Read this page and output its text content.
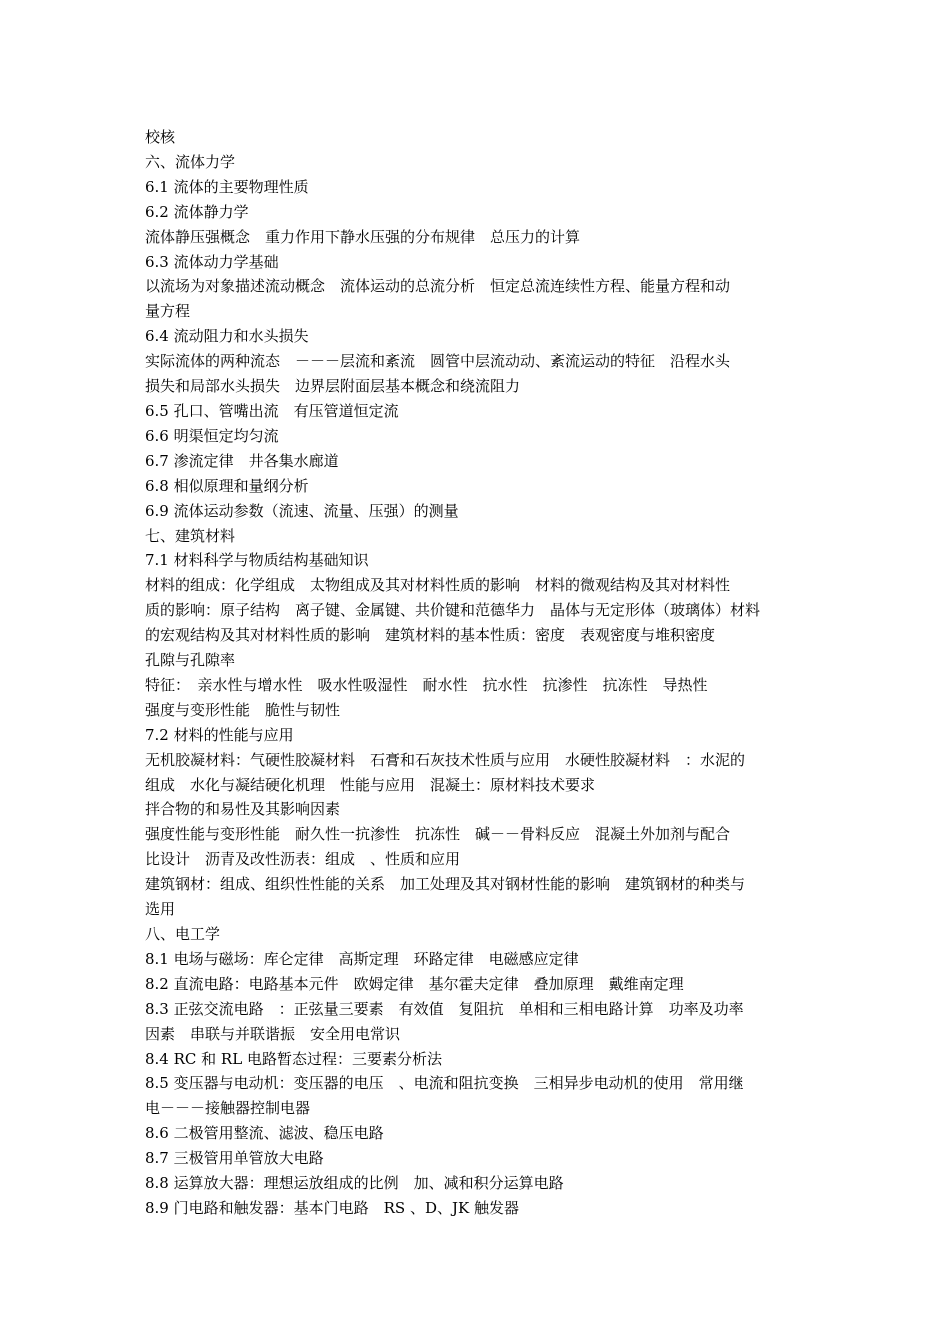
校核
六、流体力学
6.1 流体的主要物理性质
6.2 流体静力学
流体静压强概念　重力作用下静水压强的分布规律　总压力的计算
6.3 流体动力学基础
以流场为对象描述流动概念　流体运动的总流分析　恒定总流连续性方程、能量方程和动
量方程
6.4 流动阻力和水头损失
实际流体的两种流态　－－－层流和紊流　圆管中层流动动、紊流运动的特征　沿程水头
损失和局部水头损失　边界层附面层基本概念和绕流阻力
6.5 孔口、管嘴出流　有压管道恒定流
6.6 明渠恒定均匀流
6.7 渗流定律　井各集水廊道
6.8 相似原理和量纲分析
6.9 流体运动参数（流速、流量、压强）的测量
七、建筑材料
7.1 材料科学与物质结构基础知识
材料的组成：化学组成　太物组成及其对材料性质的影响　材料的微观结构及其对材料性
质的影响：原子结构　离子键、金属键、共价键和范德华力　晶体与无定形体（玻璃体）材料
的宏观结构及其对材料性质的影响　建筑材料的基本性质：密度　表观密度与堆积密度
孔隙与孔隙率
特征：　亲水性与增水性　吸水性吸湿性　耐水性　抗水性　抗渗性　抗冻性　导热性
强度与变形性能　脆性与韧性
7.2 材料的性能与应用
无机胶凝材料：气硬性胶凝材料　石膏和石灰技术性质与应用　水硬性胶凝材料　：水泥的
组成　水化与凝结硬化机理　性能与应用　混凝土：原材料技术要求
拌合物的和易性及其影响因素
强度性能与变形性能　耐久性一抗渗性　抗冻性　碱－－骨料反应　混凝土外加剂与配合
比设计　沥青及改性沥表：组成　、性质和应用
建筑钢材：组成、组织性性能的关系　加工处理及其对钢材性能的影响　建筑钢材的种类与
选用
八、电工学
8.1 电场与磁场：库仑定律　高斯定理　环路定律　电磁感应定律
8.2 直流电路：电路基本元件　欧姆定律　基尔霍夫定律　叠加原理　戴维南定理
8.3 正弦交流电路　：正弦量三要素　有效值　复阻抗　单相和三相电路计算　功率及功率
因素　串联与并联谐振　安全用电常识
8.4 RC 和 RL 电路暂态过程：三要素分析法
8.5 变压器与电动机：变压器的电压　、电流和阻抗变换　三相异步电动机的使用　常用继
电－－－接触器控制电器
8.6 二极管用整流、滤波、稳压电路
8.7 三极管用单管放大电路
8.8 运算放大器：理想运放组成的比例　加、减和积分运算电路
8.9 门电路和触发器：基本门电路　RS 、D、JK 触发器
